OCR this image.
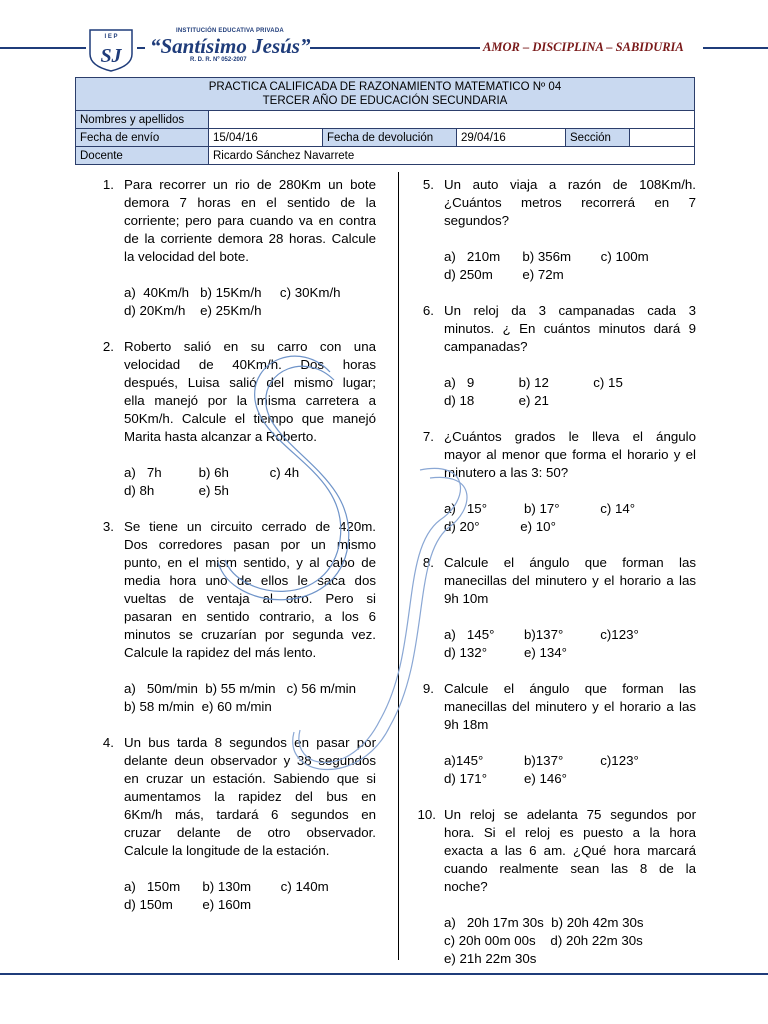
I E P
SJ
INSTITUCIÓN EDUCATIVA PRIVADA
“Santísimo Jesús”
R. D. R. Nº 052-2007
AMOR – DISCIPLINA – SABIDURIA
PRACTICA CALIFICADA DE RAZONAMIENTO MATEMATICO Nº 04
TERCER AÑO DE EDUCACIÓN SECUNDARIA					

Nombres y apellidos					
Fecha de envío	15/04/16	Fecha de devolución	29/04/16	Sección	
Docente	Ricardo Sánchez Navarrete				
1. Para recorrer un rio de 280Km un bote
demora 7 horas en el sentido de la
corriente; pero para cuando va en contra
de la corriente demora 28 horas. Calcule
la velocidad del bote.

a)  40Km/h   b) 15Km/h     c) 30Km/h
d) 20Km/h    e) 25Km/h
2. Roberto salió en su carro con una
velocidad de 40Km/h. Dos horas
después, Luisa salió del mismo lugar;
ella manejó por la misma carretera a
50Km/h. Calcule el tiempo que manejó
Marita hasta alcanzar a Roberto.

a)   7h          b) 6h           c) 4h
d) 8h            e) 5h
3. Se tiene un circuito cerrado de 420m.
Dos corredores pasan por un mismo
punto, en el mism sentido, y al cabo de
media hora uno de ellos le saca dos
vueltas de ventaja al otro. Pero si
pasaran en sentido contrario, a los 6
minutos se cruzarían por segunda vez.
Calcule la rapidez del más lento.

a)   50m/min  b) 55 m/min   c) 56 m/min
b) 58 m/min  e) 60 m/min
4. Un bus tarda 8 segundos en pasar por
delante deun observador y 38 segundos
en cruzar un estación. Sabiendo que si
aumentamos la rapidez del bus en
6Km/h más, tardará 6 segundos en
cruzar delante de otro observador.
Calcule la longitude de la estación.

a)   150m      b) 130m        c) 140m
d) 150m        e) 160m
5. Un auto viaja a razón de 108Km/h.
¿Cuántos metros recorrerá en 7
segundos?

a)   210m      b) 356m        c) 100m
d) 250m        e) 72m
6. Un reloj da 3 campanadas cada 3
minutos. ¿ En cuántos minutos dará 9
campanadas?

a)   9            b) 12            c) 15
d) 18            e) 21
7. ¿Cuántos grados le lleva el ángulo
mayor al menor que forma el horario y el
minutero a las 3: 50?

a)   15°          b) 17°           c) 14°
d) 20°           e) 10°
8. Calcule el ángulo que forman las
manecillas del minutero y el horario a las
9h 10m

a)   145°        b)137°          c)123°
d) 132°          e) 134°
9. Calcule el ángulo que forman las
manecillas del minutero y el horario a las
9h 18m

a)145°           b)137°          c)123°
d) 171°          e) 146°
10. Un reloj se adelanta 75 segundos por
hora. Si el reloj es puesto a la hora
exacta a las 6 am. ¿Qué hora marcará
cuando realmente sean las 8 de la
noche?

a)   20h 17m 30s  b) 20h 42m 30s
c) 20h 00m 00s    d) 20h 22m 30s
e) 21h 22m 30s
